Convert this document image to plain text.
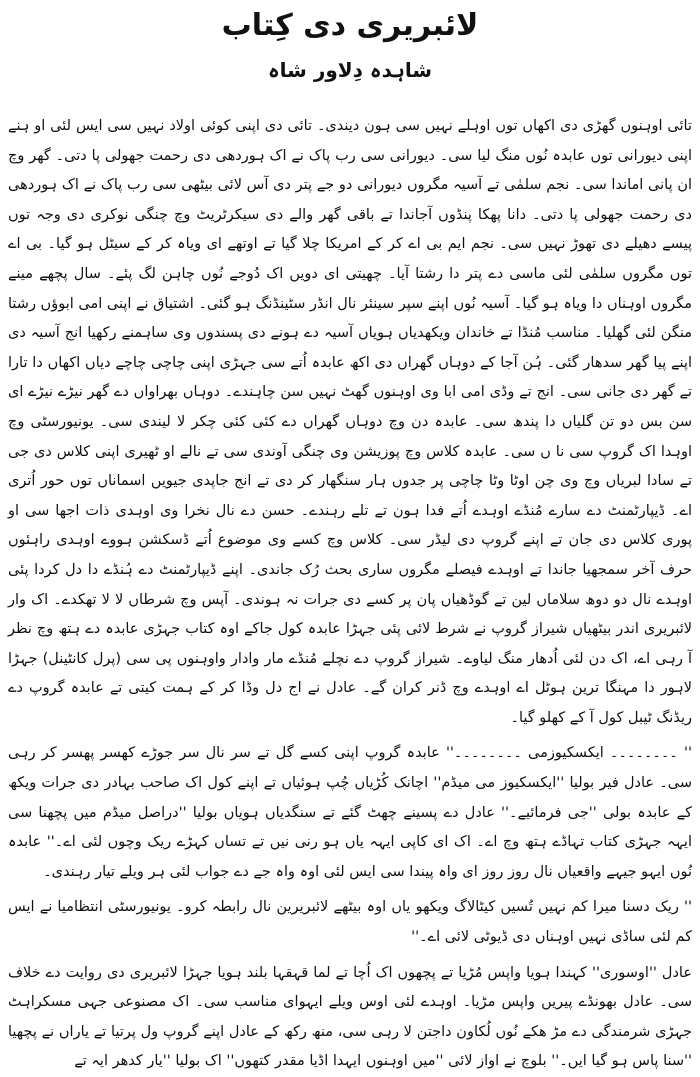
لائبریری دی کِتاب
شاہدہ دِلاور شاہ

تائی اوہنوں گھڑی دی اکھاں توں اوہلے نہیں سی ہون دیندی۔ تائی دی اپنی کوئی اولاد نہیں سی ایس لئی او ہنے اپنی دیورانی توں عابدہ نُوں منگ لیا سی۔ دیورانی سی رب پاک نے اک ہوردھی دی رحمت جھولی پا دتی۔ گھر وچ ان پانی اماندا سی۔ نجم سلمٰی تے آسیہ مگروں دیورانی دو جے پتر دی آس لائی بیٹھی سی رب پاک نے اک ہوردھی دی رحمت جھولی پا دتی۔ دانا پھکا پنڈوں آجاندا تے باقی گھر والے دی سیکرٹریٹ وچ چنگی نوکری دی وجہ توں پیسے دھیلے دی تھوڑ نہیں سی۔ نجم ایم بی اے کر کے امریکا چلا گیا تے اوتھے ای ویاہ کر کے سیٹل ہو گیا۔ بی اے توں مگروں سلمٰی لئی ماسی دے پتر دا رشتا آیا۔ چھیتی ای دویں اک دُوجے نُوں چاہن لگ پئے۔ سال پچھے مینے مگروں اوہناں دا ویاہ ہو گیا۔ آسیہ نُوں اپنے سپر سینئر نال انڈر سٹینڈنگ ہو گئی۔ اشتیاق نے اپنی امی ابوؤں رشتا منگن لئی گھلیا۔ مناسب مُنڈا تے خاندان ویکھدیاں ہویاں آسیہ دے ہونے دی پسندوں وی ساہمنے رکھیا انج آسیہ دی اپنے پیا گھر سدھار گئی۔ ہُن آجا کے دوہاں گھراں دی اکھ عابدہ اُتے سی جہڑی اپنی چاچی چاچے دیاں اکھاں دا تارا تے گھر دی جانی سی۔ انج تے وڈی امی ابا وی اوہنوں گھٹ نہیں سن چاہندے۔ دوہاں بھراواں دے گھر نیڑے نیڑے ای سن بس دو تن گلیاں دا پندھ سی۔ عابدہ دن وچ دوہاں گھراں دے کئی کئی چکر لا لیندی سی۔ یونیورسٹی وچ اوہدا اک گروپ سی نا ں سی۔ عابدہ کلاس وچ پوزیشن وی چنگی آوندی سی تے نالے او ٹھیری اپنی کلاس دی جی تے سادا لبریاں وچ وی چن اوٹا وٹا چاچی پر جدوں ہار سنگھار کر دی تے انج جاپدی جیویں اسماناں توں حور اُتری اے۔ ڈیپارٹمنٹ دے سارے مُنڈے اوہدے اُتے فدا ہون تے تلے رہندے۔ حسن دے نال نخرا وی اوہدی ذات اجھا سی او پوری کلاس دی جان تے اپنے گروپ دی لیڈر سی۔ کلاس وچ کسے وی موضوع اُتے ڈسکشن ہووے اوہدی راہئوں حرف آخر سمجھیا جاندا تے اوہدے فیصلے مگروں ساری بحث رُک جاندی۔ اپنے ڈیپارٹمنٹ دے ہُنڈے دا دل کردا پئی اوہدے نال دو دوھ سلاماں لین تے گوڈھیاں پان پر کسے دی جرات نہ ہوندی۔ آپس وچ شرطاں لا لا تھکدے۔ اک وار لائبریری اندر بیٹھیاں شیراز گروپ نے شرط لائی پئی جہڑا عابدہ کول جاکے اوہ کتاب جہڑی عابدہ دے ہتھ وچ نظر آ رہی اے، اک دن لئی اُدھار منگ لیاوے۔ شیراز گروپ دے نچلے مُنڈے مار وادار واوہنوں پی سی (پرل کانٹینل) جہڑا لاہور دا مہنگا ترین ہوٹل اے اوہدے وچ ڈنر کران گے۔ عادل نے اج دل وڈا کر کے ہمت کیتی تے عابدہ گروپ دے ریڈنگ ٹیبل کول آ کے کھلو گیا۔

'' ۔۔۔۔۔۔۔۔ ایکسکیوزمی ۔۔۔۔۔۔۔۔'' عابدہ گروپ اپنی کسے گل تے سر نال سر جوڑے کھسر پھسر کر رہی سی۔ عادل فیر بولیا ''ایکسکیوز می میڈم'' اچانک کُڑیاں چُپ ہوئیاں تے اپنے کول اک صاحب بہادر دی جرات ویکھ کے عابدہ بولی ''جی فرمائیے۔'' عادل دے پسینے چھٹ گئے تے سنگدیاں ہویاں بولیا ''دراصل میڈم میں پچھنا سی ایہہ جہڑی کتاب تہاڈے ہتھ وچ اے۔ اک ای کاپی ایہہ یاں ہو رنی نیں تے تساں کہڑے ریک وچوں لئی اے۔'' عابدہ نُوں ایہو جیہے واقعیاں نال روز روز ای واہ پیندا سی ایس لئی اوہ واہ جے دے جواب لئی ہر ویلے تیار رہندی۔

'' ریک دسنا میرا کم نہیں تُسیں کیٹالاگ ویکھو یاں اوہ بیٹھے لائبریرین نال رابطہ کرو۔ یونیورسٹی انتظامیا نے ایس کم لئی ساڈی نہیں اوہناں دی ڈیوٹی لائی اے۔''

عادل ''اوسوری'' کہندا ہویا واپس مُڑیا تے پچھوں اک اُچا تے لما قہقہا بلند ہویا جہڑا لائبریری دی روایت دے خلاف سی۔ عادل بھونڈے پیریں واپس مڑیا۔ اوہدے لئی اوس ویلے ایہوای مناسب سی۔ اک مصنوعی جہی مسکراہٹ جہڑی شرمندگی دے مڑ ھکے نُوں لُکاون داجتن لا رہی سی، منھ رکھ کے عادل اپنے گروپ ول پرتیا تے یاراں نے پچھیا ''سنا پاس ہو گیا ایں۔'' بلوچ نے اواز لائی ''میں اوہنوں ایہدا اڈیا مقدر کتھوں'' اک بولیا ''یار کدھر ایہ تے
